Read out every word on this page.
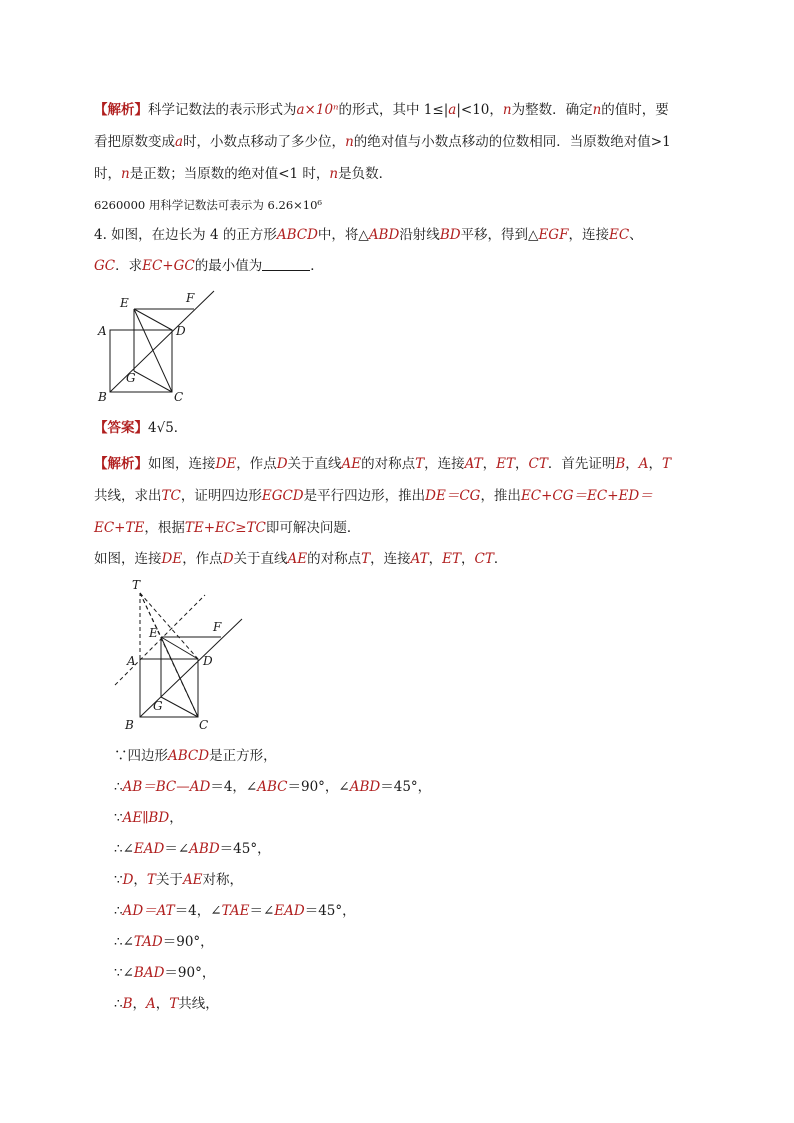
【解析】科学记数法的表示形式为a×10ⁿ的形式，其中 1≤|a|<10，n为整数．确定n的值时，要
看把原数变成a时，小数点移动了多少位，n的绝对值与小数点移动的位数相同．当原数绝对值>1
时，n是正数；当原数的绝对值<1 时，n是负数．
6260000 用科学记数法可表示为 6.26×10⁶
4. 如图，在边长为 4 的正方形ABCD中，将△ABD沿射线BD平移，得到△EGF，连接EC、
GC．求EC+GC的最小值为	．
E	F
A	D
G
B	C
【答案】4√5．
【解析】如图，连接DE，作点D关于直线AE的对称点T，连接AT，ET，CT．首先证明B，A，T
共线，求出TC，证明四边形EGCD是平行四边形，推出DE＝CG，推出EC+CG＝EC+ED＝
EC+TE，根据TE+EC≥TC即可解决问题．
如图，连接DE，作点D关于直线AE的对称点T，连接AT，ET，CT．
T
E	F
A	D
G
B	C
∵四边形ABCD是正方形，
∴AB＝BC—AD＝4，∠ABC＝90°，∠ABD＝45°，
∵AE∥BD，
∴∠EAD＝∠ABD＝45°，
∵D，T关于AE对称，
∴AD＝AT＝4，∠TAE＝∠EAD＝45°，
∴∠TAD＝90°，
∵∠BAD＝90°，
∴B，A，T共线，
